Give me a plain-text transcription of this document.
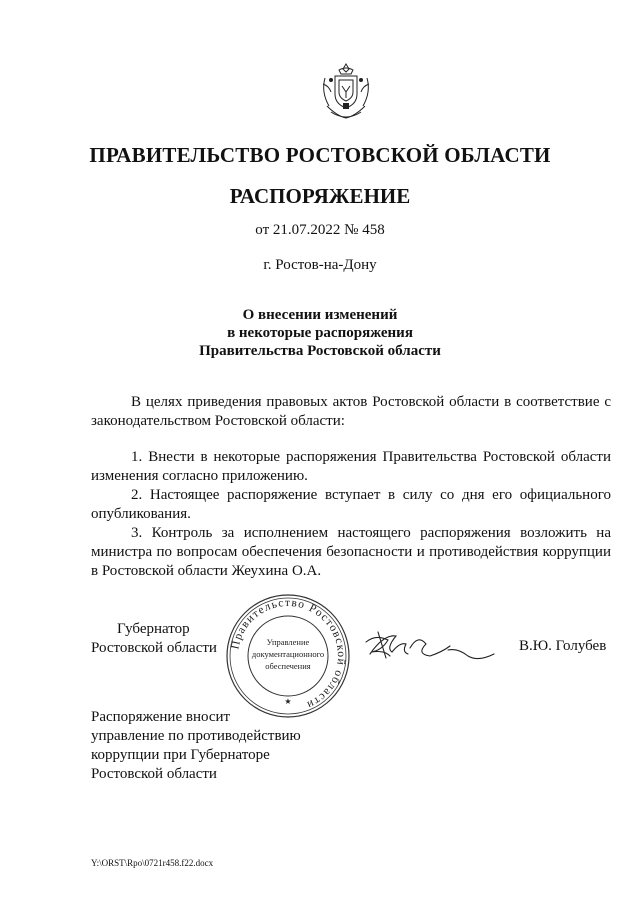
ПРАВИТЕЛЬСТВО РОСТОВСКОЙ ОБЛАСТИ
РАСПОРЯЖЕНИЕ
от 21.07.2022 № 458
г. Ростов-на-Дону
О внесении изменений
в некоторые распоряжения
Правительства Ростовской области
В целях приведения правовых актов Ростовской области в соответствие с законодательством Ростовской области:
1. Внести в некоторые распоряжения Правительства Ростовской области изменения согласно приложению.
2. Настоящее распоряжение вступает в силу со дня его официального опубликования.
3. Контроль за исполнением настоящего распоряжения возложить на министра по вопросам обеспечения безопасности и противодействия коррупции в Ростовской области Жеухина О.А.
Губернатор
Ростовской области Правительство Ростовской области
Управление
документационного
обеспечения
★
В.Ю. Голубев
Распоряжение вносит
управление по противодействию
коррупции при Губернаторе
Ростовской области
Y:\ORST\Rpo\0721r458.f22.docx
